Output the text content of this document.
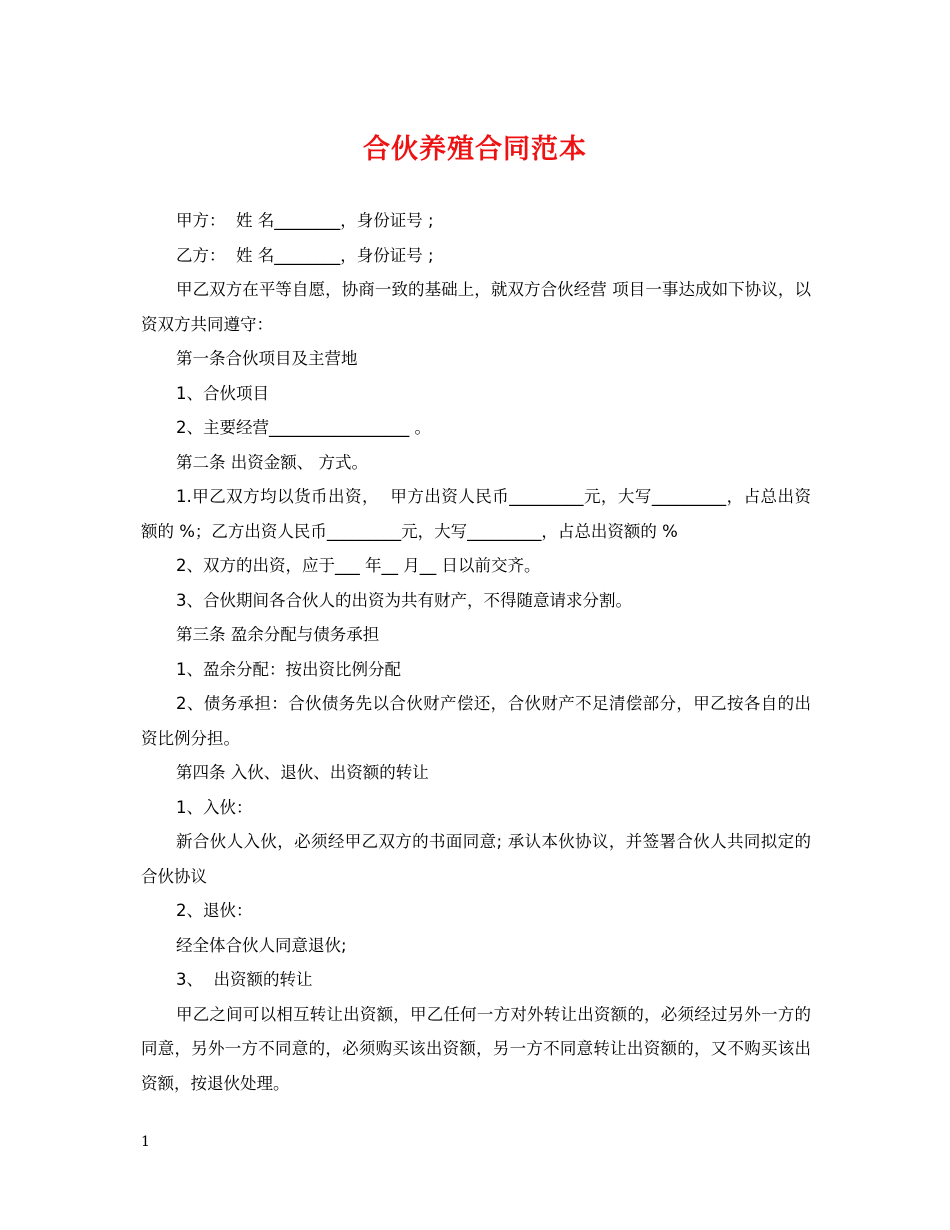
合伙养殖合同范本

甲方：  姓 名________，身份证号 ;

乙方：  姓 名________，身份证号 ;

甲乙双方在平等自愿，协商一致的基础上，就双方合伙经营 项目一事达成如下协议，以 资双方共同遵守：

第一条合伙项目及主营地

1、合伙项目

2、主要经营_________________ 。

第二条 出资金额、 方式。

1.甲乙双方均以货币出资，  甲方出资人民币_________元，大写_________，占总出资额的 %；乙方出资人民币_________元，大写_________，占总出资额的 %

2、双方的出资，应于___ 年__ 月__ 日以前交齐。

3、合伙期间各合伙人的出资为共有财产，不得随意请求分割。

第三条 盈余分配与债务承担

1、盈余分配：按出资比例分配

2、债务承担：合伙债务先以合伙财产偿还，合伙财产不足清偿部分，甲乙按各自的出资比例分担。

第四条 入伙、退伙、出资额的转让

1、入伙：

新合伙人入伙，必须经甲乙双方的书面同意; 承认本伙协议，并签署合伙人共同拟定的合伙协议

2、退伙：

经全体合伙人同意退伙;

3、  出资额的转让

甲乙之间可以相互转让出资额，甲乙任何一方对外转让出资额的，必须经过另外一方的同意，另外一方不同意的，必须购买该出资额，另一方不同意转让出资额的，又不购买该出资额，按退伙处理。

1
